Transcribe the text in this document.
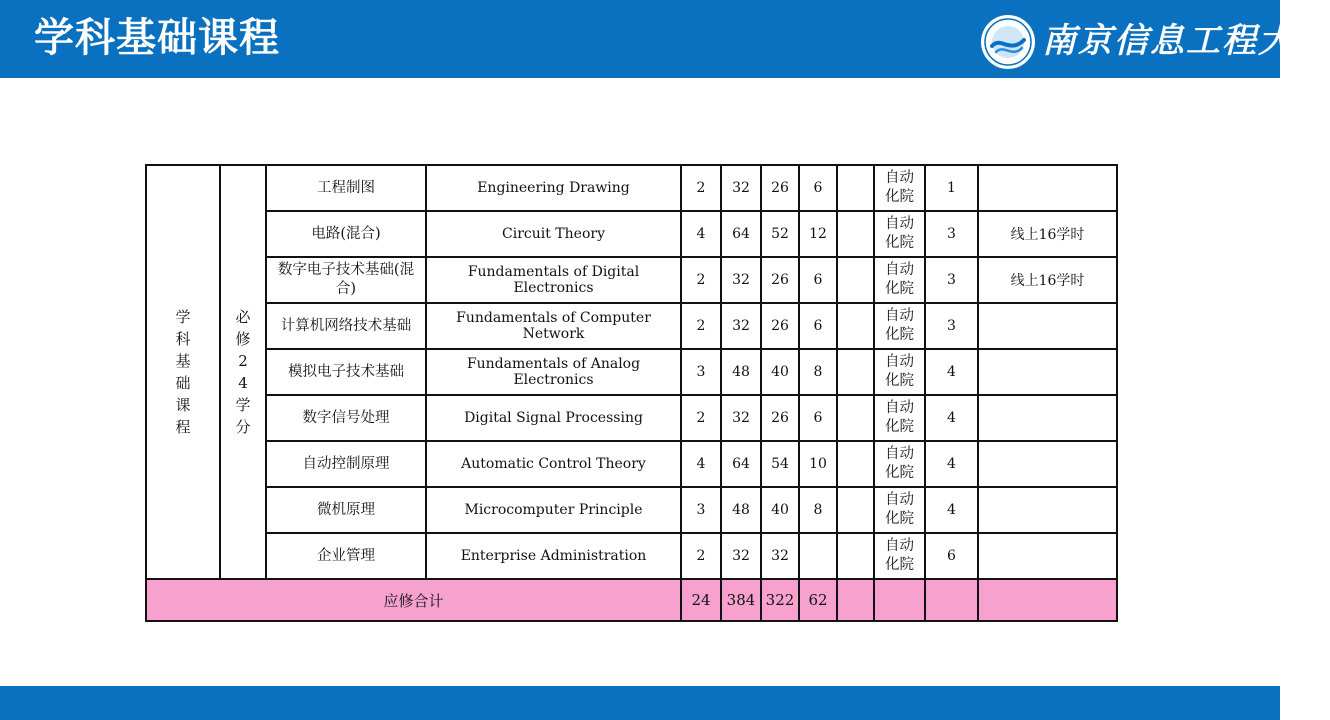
学科基础课程	南京信息工程大学
学科基础课程	必修24学分	工程制图	Engineering Drawing	2	32	26	6		自动化院	1	
		电路(混合)	Circuit Theory	4	64	52	12		自动化院	3	线上16学时
		数字电子技术基础(混合)	Fundamentals of Digital Electronics	2	32	26	6		自动化院	3	线上16学时
		计算机网络技术基础	Fundamentals of Computer Network	2	32	26	6		自动化院	3	
		模拟电子技术基础	Fundamentals of Analog Electronics	3	48	40	8		自动化院	4	
		数字信号处理	Digital Signal Processing	2	32	26	6		自动化院	4	
		自动控制原理	Automatic Control Theory	4	64	54	10		自动化院	4	
		微机原理	Microcomputer Principle	3	48	40	8		自动化院	4	
		企业管理	Enterprise Administration	2	32	32			自动化院	6	
应修合计				24	384	322	62				
